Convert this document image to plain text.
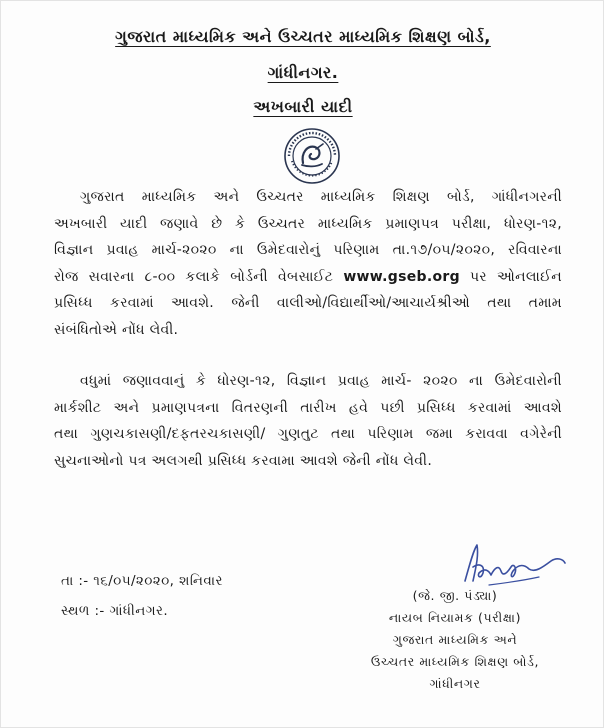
ગુજરાત માધ્યમિક અને ઉચ્ચતર માધ્યમિક શિક્ષણ બોર્ડ,
ગાંધીનગર.
અખબારી યાદી
ગુજરાત માધ્યમિક અને ઉચ્ચતર માધ્યમિક શિક્ષણ બોર્ડ, ગાંધીનગરની
અખબારી યાદી જણાવે છે કે ઉચ્ચતર માધ્યમિક પ્રમાણપત્ર પરીક્ષા, ધોરણ-૧૨,
વિજ્ઞાન પ્રવાહ માર્ચ-૨૦૨૦ ના ઉમેદવારોનું પરિણામ તા.૧૭/૦૫/૨૦૨૦, રવિવારના
રોજ સવારના ૮-૦૦ કલાકે બોર્ડની વેબસાઈટ www.gseb.org પર ઓનલાઈન
પ્રસિધ્ધ કરવામાં આવશે. જેની વાલીઓ/વિદ્યાર્થીઓ/આચાર્યશ્રીઓ તથા તમામ
સંબંધિતોએ નોંધ લેવી.
વધુમાં જણાવવાનું કે ધોરણ-૧૨, વિજ્ઞાન પ્રવાહ માર્ચ- ૨૦૨૦ ના ઉમેદવારોની
માર્કશીટ અને પ્રમાણપત્રના વિતરણની તારીખ હવે પછી પ્રસિધ્ધ કરવામાં આવશે
તથા ગુણચકાસણી/દફતરચકાસણી/ ગુણતુટ તથા પરિણામ જમા કરાવવા વગેરેની
સુચનાઓનો પત્ર અલગથી પ્રસિધ્ધ કરવામા આવશે જેની નોંધ લેવી.
તા :- ૧૬/૦૫/૨૦૨૦, શનિવાર
સ્થળ :- ગાંધીનગર.
(જે. જી. પંડ્યા)
નાયબ નિયામક (પરીક્ષા)
ગુજરાત માધ્યમિક અને
ઉચ્ચતર માધ્યમિક શિક્ષણ બોર્ડ,
ગાંધીનગર
